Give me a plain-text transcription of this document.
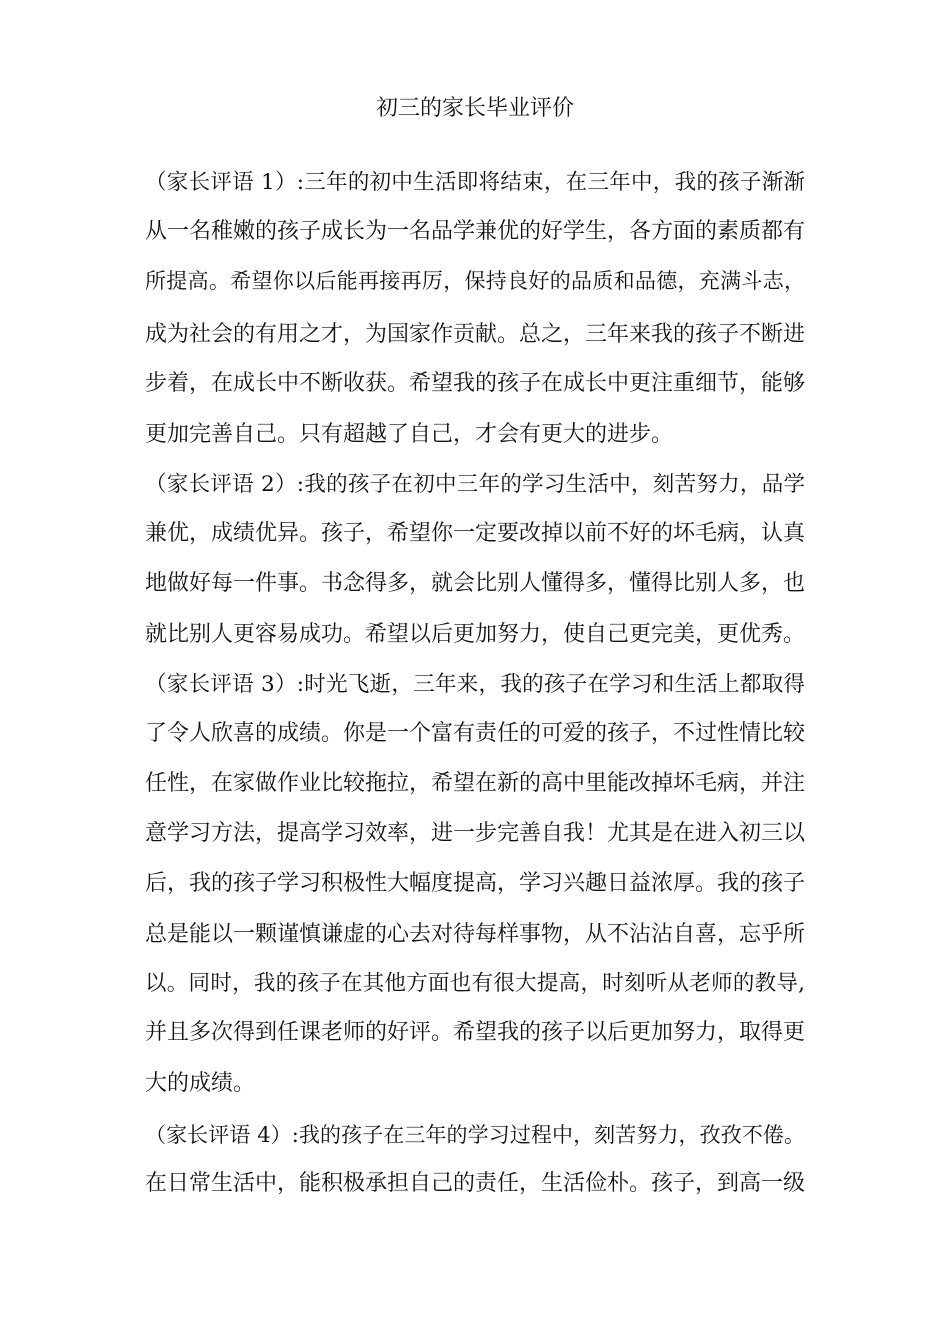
初三的家长毕业评价
（家长评语 1）:三年的初中生活即将结束，在三年中，我的孩子渐渐
从一名稚嫩的孩子成长为一名品学兼优的好学生，各方面的素质都有
所提高。希望你以后能再接再厉，保持良好的品质和品德，充满斗志，
成为社会的有用之才，为国家作贡献。总之，三年来我的孩子不断进
步着，在成长中不断收获。希望我的孩子在成长中更注重细节，能够
更加完善自己。只有超越了自己，才会有更大的进步。
（家长评语 2）:我的孩子在初中三年的学习生活中，刻苦努力，品学
兼优，成绩优异。孩子，希望你一定要改掉以前不好的坏毛病，认真
地做好每一件事。书念得多，就会比别人懂得多，懂得比别人多，也
就比别人更容易成功。希望以后更加努力，使自己更完美，更优秀。
（家长评语 3）:时光飞逝，三年来，我的孩子在学习和生活上都取得
了令人欣喜的成绩。你是一个富有责任的可爱的孩子，不过性情比较
任性，在家做作业比较拖拉，希望在新的高中里能改掉坏毛病，并注
意学习方法，提高学习效率，进一步完善自我！尤其是在进入初三以
后，我的孩子学习积极性大幅度提高，学习兴趣日益浓厚。我的孩子
总是能以一颗谨慎谦虚的心去对待每样事物，从不沾沾自喜，忘乎所
以。同时，我的孩子在其他方面也有很大提高，时刻听从老师的教导,
并且多次得到任课老师的好评。希望我的孩子以后更加努力，取得更
大的成绩。
（家长评语 4）:我的孩子在三年的学习过程中，刻苦努力，孜孜不倦。
在日常生活中，能积极承担自己的责任，生活俭朴。孩子，到高一级
